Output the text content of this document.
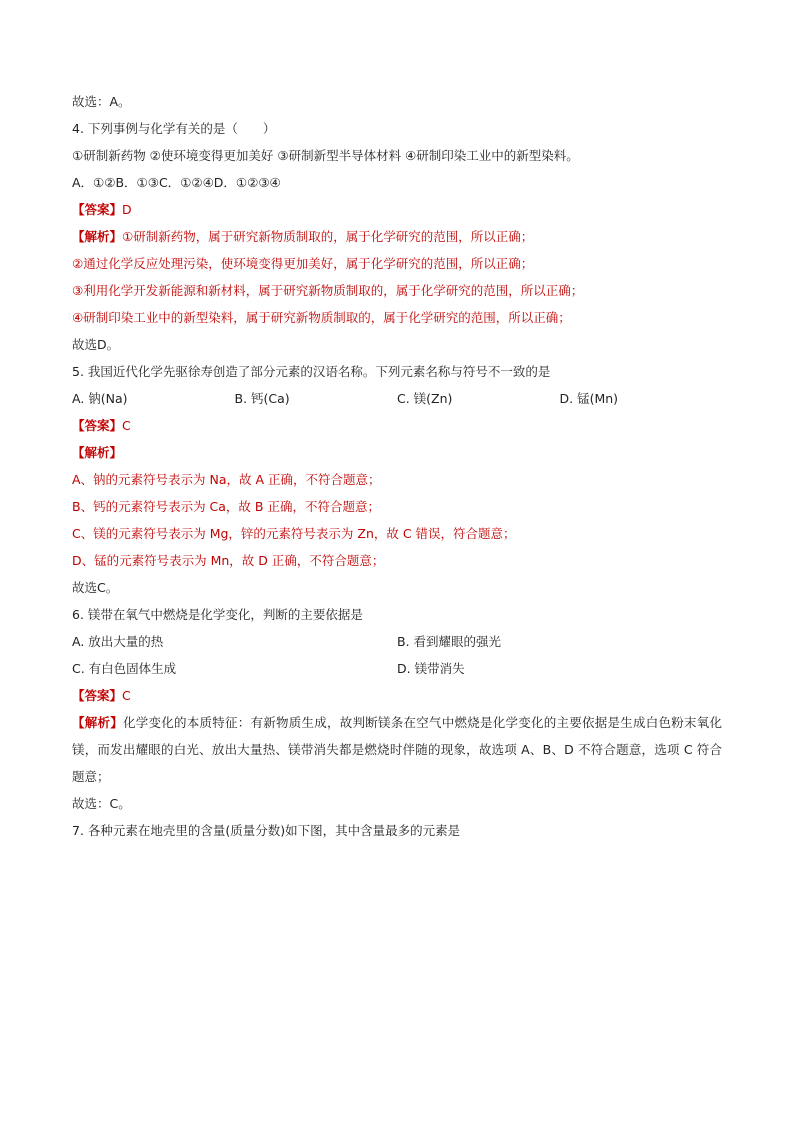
故选：A。
4. 下列事例与化学有关的是（　　）
①研制新药物 ②使环境变得更加美好 ③研制新型半导体材料 ④研制印染工业中的新型染料。
A．①②B．①③C．①②④D．①②③④
【答案】D
【解析】①研制新药物，属于研究新物质制取的，属于化学研究的范围，所以正确；
②通过化学反应处理污染，使环境变得更加美好，属于化学研究的范围，所以正确；
③利用化学开发新能源和新材料，属于研究新物质制取的，属于化学研究的范围，所以正确；
④研制印染工业中的新型染料，属于研究新物质制取的，属于化学研究的范围，所以正确；
故选D。
5. 我国近代化学先驱徐寿创造了部分元素的汉语名称。下列元素名称与符号不一致的是
A. 钠(Na)	B. 钙(Ca)	C. 镁(Zn)	D. 锰(Mn)
【答案】C
【解析】
A、钠的元素符号表示为 Na，故 A 正确，不符合题意；
B、钙的元素符号表示为 Ca，故 B 正确，不符合题意；
C、镁的元素符号表示为 Mg，锌的元素符号表示为 Zn，故 C 错误，符合题意；
D、锰的元素符号表示为 Mn，故 D 正确，不符合题意；
故选C。
6. 镁带在氧气中燃烧是化学变化，判断的主要依据是
A. 放出大量的热	B. 看到耀眼的强光
C. 有白色固体生成	D. 镁带消失
【答案】C
【解析】化学变化的本质特征：有新物质生成，故判断镁条在空气中燃烧是化学变化的主要依据是生成白色粉末氧化镁，而发出耀眼的白光、放出大量热、镁带消失都是燃烧时伴随的现象，故选项 A、B、D 不符合题意，选项 C 符合题意；
故选：C。
7. 各种元素在地壳里的含量(质量分数)如下图，其中含量最多的元素是
